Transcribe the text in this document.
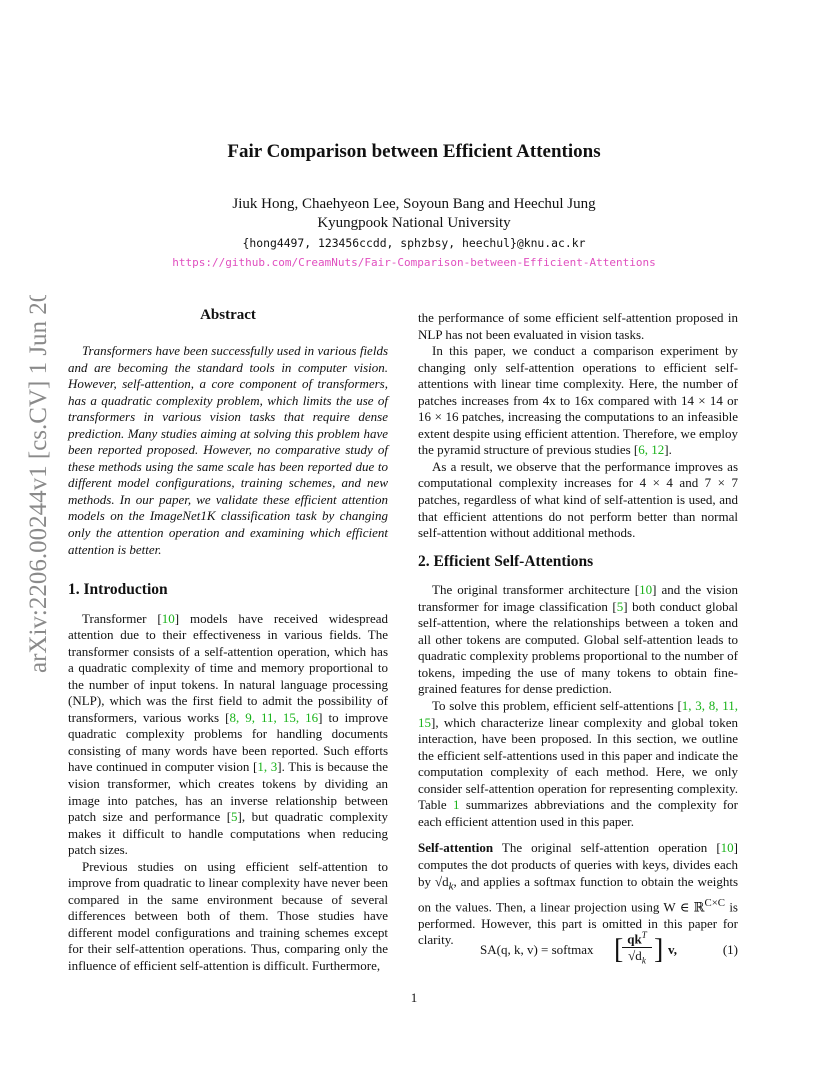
Fair Comparison between Efficient Attentions
Jiuk Hong, Chaehyeon Lee, Soyoun Bang and Heechul Jung
Kyungpook National University
{hong4497, 123456ccdd, sphzbsy, heechul}@knu.ac.kr
https://github.com/CreamNuts/Fair-Comparison-between-Efficient-Attentions
arXiv:2206.00244v1 [cs.CV] 1 Jun 2022	Abstract

Transformers have been successfully used in various fields and are becoming the standard tools in computer vision. However, self-attention, a core component of transformers, has a quadratic complexity problem, which limits the use of transformers in various vision tasks that require dense prediction. Many studies aiming at solving this problem have been reported proposed. However, no comparative study of these methods using the same scale has been reported due to different model configurations, training schemes, and new methods. In our paper, we validate these efficient attention models on the ImageNet1K classification task by changing only the attention operation and examining which efficient attention is better.

1. Introduction

Transformer [10] models have received widespread attention due to their effectiveness in various fields. The transformer consists of a self-attention operation, which has a quadratic complexity of time and memory proportional to the number of input tokens. In natural language processing (NLP), which was the first field to admit the possibility of transformers, various works [8, 9, 11, 15, 16] to improve quadratic complexity problems for handling documents consisting of many words have been reported. Such efforts have continued in computer vision [1, 3]. This is because the vision transformer, which creates tokens by dividing an image into patches, has an inverse relationship between patch size and performance [5], but quadratic complexity makes it difficult to handle computations when reducing patch sizes.

Previous studies on using efficient self-attention to improve from quadratic to linear complexity have never been compared in the same environment because of several differences between both of them. Those studies have different model configurations and training schemes except for their self-attention operations. Thus, comparing only the influence of efficient self-attention is difficult. Furthermore,

the performance of some efficient self-attention proposed in NLP has not been evaluated in vision tasks.

In this paper, we conduct a comparison experiment by changing only self-attention operations to efficient self-attentions with linear time complexity. Here, the number of patches increases from 4x to 16x compared with 14 × 14 or 16 × 16 patches, increasing the computations to an infeasible extent despite using efficient attention. Therefore, we employ the pyramid structure of previous studies [6, 12].

As a result, we observe that the performance improves as computational complexity increases for 4 × 4 and 7 × 7 patches, regardless of what kind of self-attention is used, and that efficient attentions do not perform better than normal self-attention without additional methods.

2. Efficient Self-Attentions

The original transformer architecture [10] and the vision transformer for image classification [5] both conduct global self-attention, where the relationships between a token and all other tokens are computed. Global self-attention leads to quadratic complexity problems proportional to the number of tokens, impeding the use of many tokens to obtain fine-grained features for dense prediction.

To solve this problem, efficient self-attentions [1, 3, 8, 11, 15], which characterize linear complexity and global token interaction, have been proposed. In this section, we outline the efficient self-attentions used in this paper and indicate the computation complexity of each method. Here, we only consider self-attention operation for representing complexity. Table 1 summarizes abbreviations and the complexity for each efficient attention used in this paper.

Self-attention The original self-attention operation [10] computes the dot products of queries with keys, divides each by $√d_k$, and applies a softmax function to obtain the weights on the values. Then, a linear projection using W ∈ ℝ$^{C\times C}$ is performed. However, this part is omitted in this paper for clarity.

SA(q, k, v) = softmax [ $qk^T$
$√d_k$ ] v,	(1)
1
